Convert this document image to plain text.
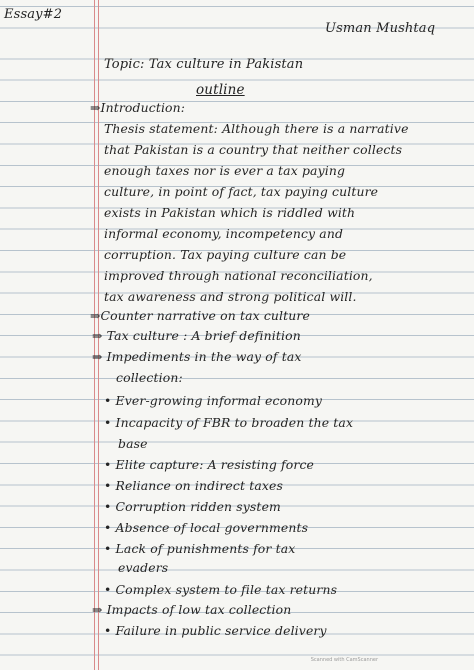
Essay#2
Usman Mushtaq
Topic: Tax culture in Pakistan
outline
⇒Introduction:
Thesis statement: Although there is a narrative
that Pakistan is a country that neither collects
enough taxes nor is ever a tax paying
culture, in point of fact, tax paying culture
exists in Pakistan which is riddled with
informal economy, incompetency and
corruption. Tax paying culture can be
improved through national reconciliation,
tax awareness and strong political will.
⇒Counter narrative on tax culture
⇒ Tax culture : A brief definition
⇒ Impediments in the way of tax
collection:
• Ever-growing informal economy
• Incapacity of FBR to broaden the tax
base
• Elite capture: A resisting force
• Reliance on indirect taxes
• Corruption ridden system
• Absence of local governments
• Lack of punishments for tax
evaders
• Complex system to file tax returns
⇒ Impacts of low tax collection
• Failure in public service delivery
Scanned with CamScanner
